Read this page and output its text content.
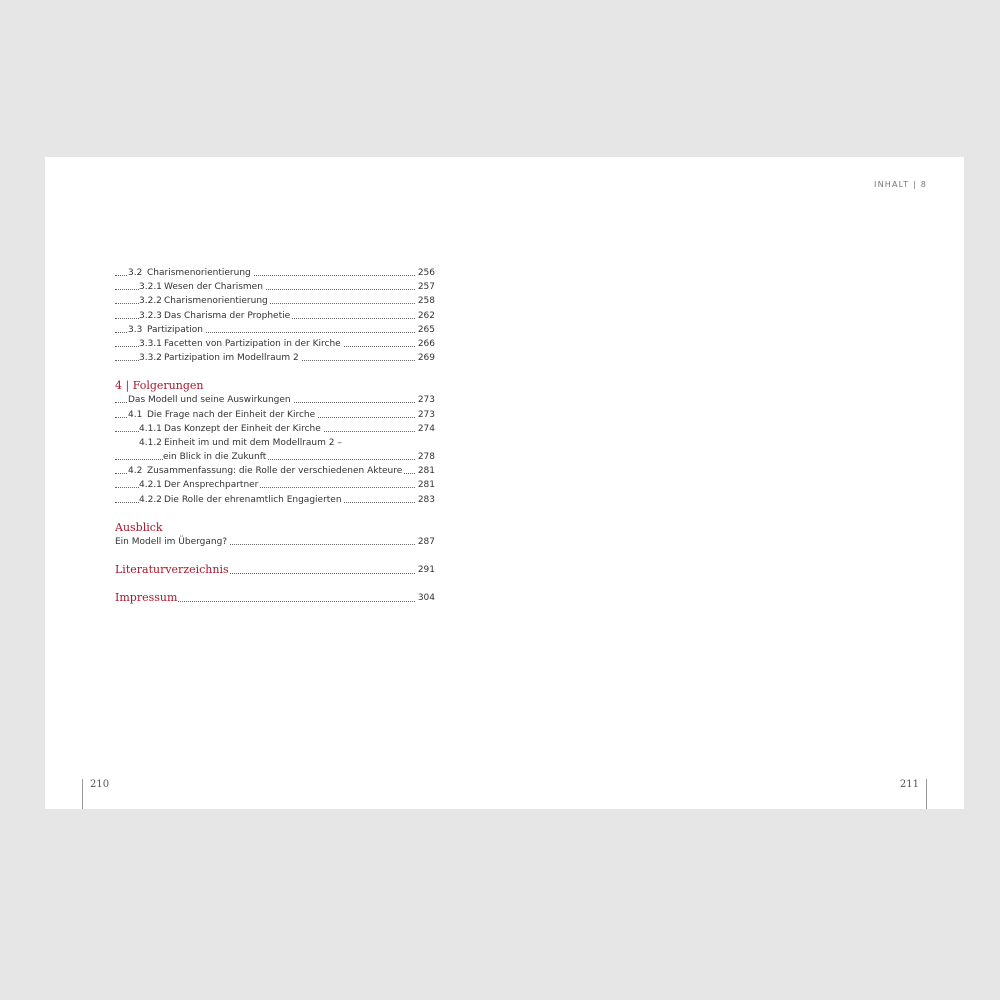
INHALT | 8
3.2 Charismenorientierung	256
3.2.1 Wesen der Charismen	257
3.2.2 Charismenorientierung	258
3.2.3 Das Charisma der Prophetie	262
3.3 Partizipation	265
3.3.1 Facetten von Partizipation in der Kirche	266
3.3.2 Partizipation im Modellraum 2	269
4 | Folgerungen
Das Modell und seine Auswirkungen	273
4.1 Die Frage nach der Einheit der Kirche	273
4.1.1 Das Konzept der Einheit der Kirche	274
4.1.2 Einheit im und mit dem Modellraum 2 –
ein Blick in die Zukunft	278
4.2 Zusammenfassung: die Rolle der verschiedenen Akteure 281
4.2.1 Der Ansprechpartner	281
4.2.2 Die Rolle der ehrenamtlich Engagierten	283
Ausblick
Ein Modell im Übergang?	287
Literaturverzeichnis	291
Impressum	304
210	211
